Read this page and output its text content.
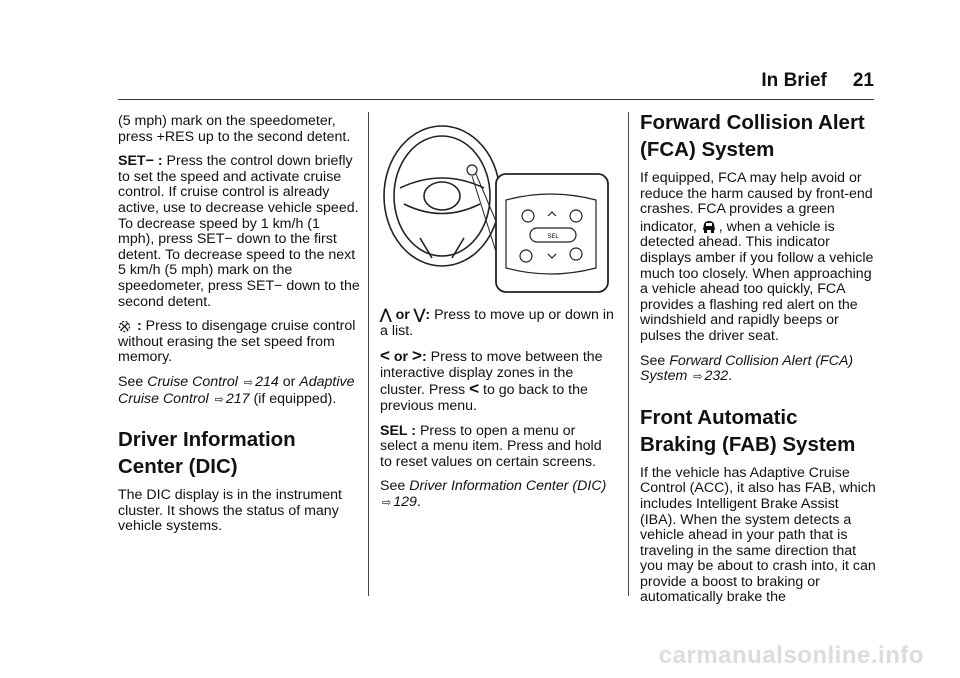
In Brief 21

(5 mph) mark on the speedometer, press +RES up to the second detent.

SET− : Press the control down briefly to set the speed and activate cruise control. If cruise control is already active, use to decrease vehicle speed. To decrease speed by 1 km/h (1 mph), press SET− down to the first detent. To decrease speed to the next 5 km/h (5 mph) mark on the speedometer, press SET− down to the second detent.

: Press to disengage cruise control without erasing the set speed from memory.

See Cruise Control ⇨ 214 or Adaptive Cruise Control ⇨ 217 (if equipped).

Driver Information Center (DIC)

The DIC display is in the instrument cluster. It shows the status of many vehicle systems.

SEL

⋀ or ⋁: Press to move up or down in a list.

< or >: Press to move between the interactive display zones in the cluster. Press < to go back to the previous menu.

SEL : Press to open a menu or select a menu item. Press and hold to reset values on certain screens.

See Driver Information Center (DIC)
⇨ 129.

Forward Collision Alert (FCA) System

If equipped, FCA may help avoid or reduce the harm caused by front-end crashes. FCA provides a green indicator, , when a vehicle is detected ahead. This indicator displays amber if you follow a vehicle much too closely. When approaching a vehicle ahead too quickly, FCA provides a flashing red alert on the windshield and rapidly beeps or pulses the driver seat.

See Forward Collision Alert (FCA) System ⇨ 232.

Front Automatic Braking (FAB) System

If the vehicle has Adaptive Cruise Control (ACC), it also has FAB, which includes Intelligent Brake Assist (IBA). When the system detects a vehicle ahead in your path that is traveling in the same direction that you may be about to crash into, it can provide a boost to braking or automatically brake the

carmanualsonline.info
